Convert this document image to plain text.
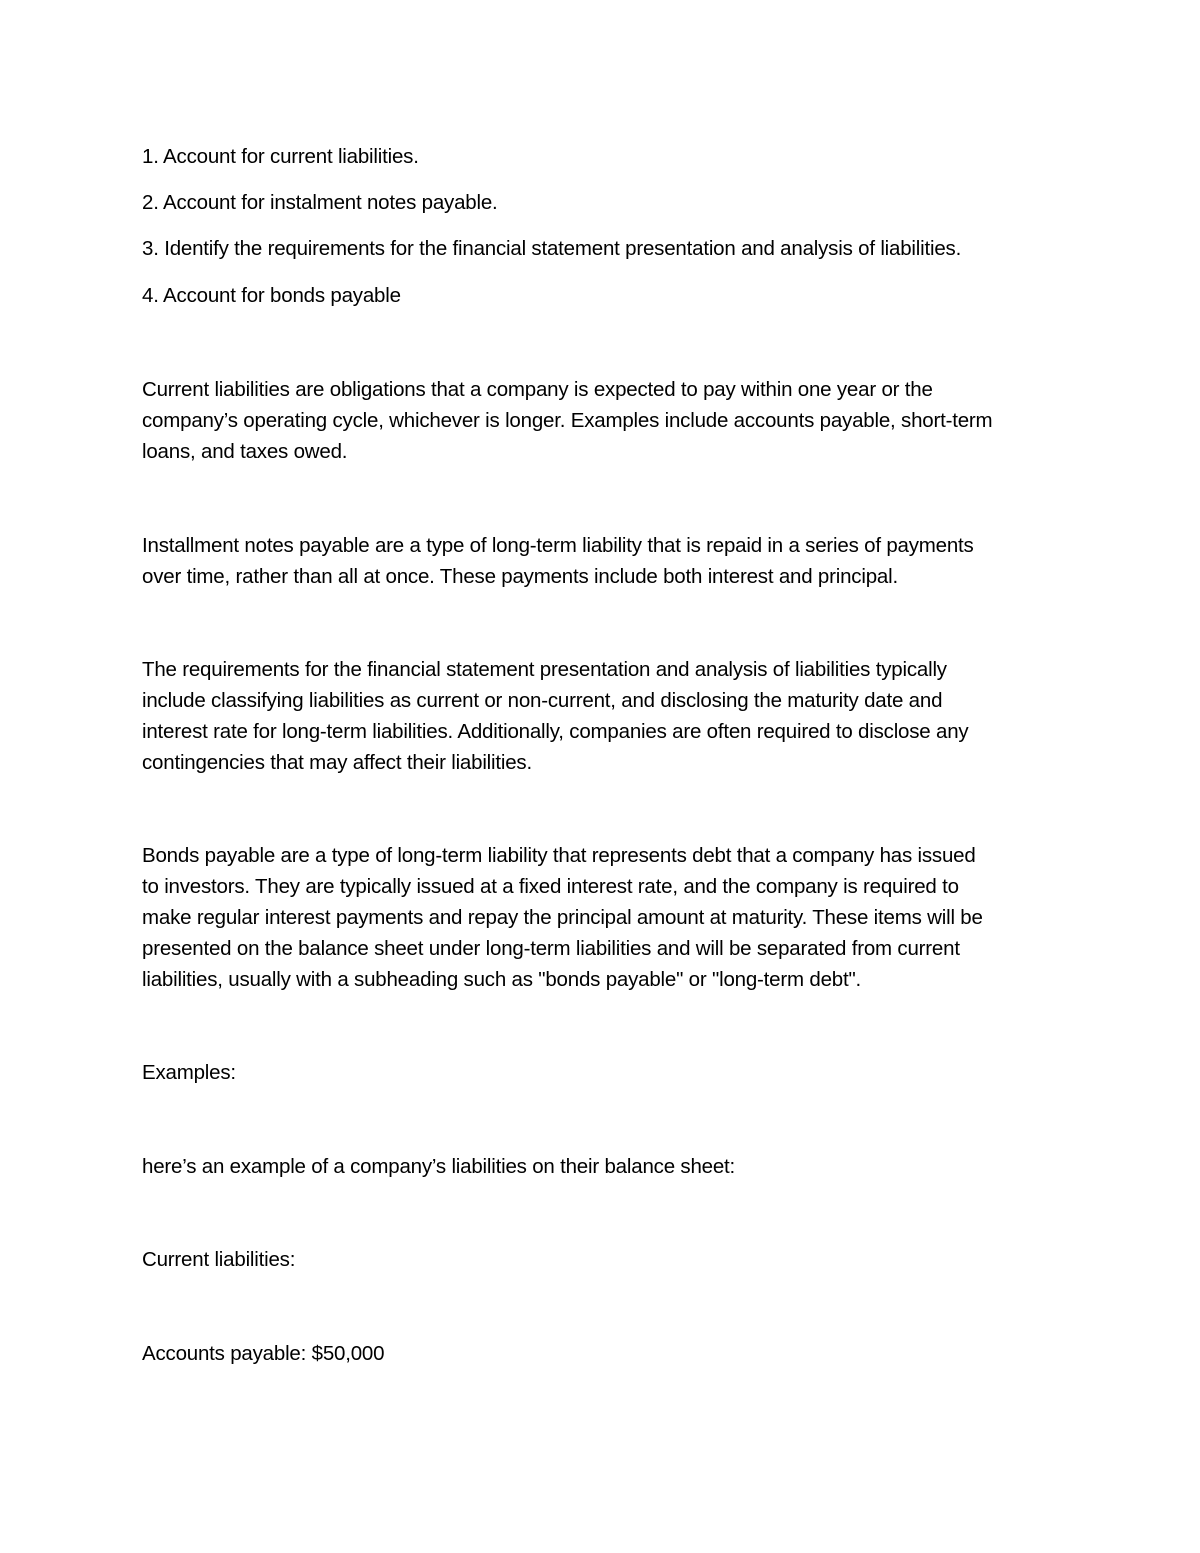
1. Account for current liabilities.
2. Account for instalment notes payable.
3. Identify the requirements for the financial statement presentation and analysis of liabilities.
4. Account for bonds payable
Current liabilities are obligations that a company is expected to pay within one year or the
company’s operating cycle, whichever is longer. Examples include accounts payable, short-term
loans, and taxes owed.
Installment notes payable are a type of long-term liability that is repaid in a series of payments
over time, rather than all at once. These payments include both interest and principal.
The requirements for the financial statement presentation and analysis of liabilities typically
include classifying liabilities as current or non-current, and disclosing the maturity date and
interest rate for long-term liabilities. Additionally, companies are often required to disclose any
contingencies that may affect their liabilities.
Bonds payable are a type of long-term liability that represents debt that a company has issued
to investors. They are typically issued at a fixed interest rate, and the company is required to
make regular interest payments and repay the principal amount at maturity. These items will be
presented on the balance sheet under long-term liabilities and will be separated from current
liabilities, usually with a subheading such as "bonds payable" or "long-term debt".
Examples:
here’s an example of a company’s liabilities on their balance sheet:
Current liabilities:
Accounts payable: $50,000
